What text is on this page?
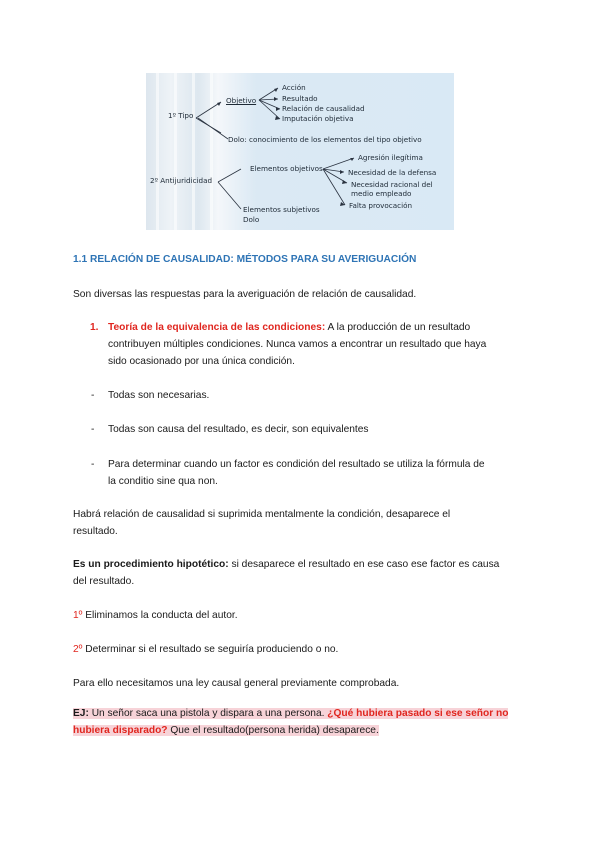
1º Tipo
Objetivo
Acción
Resultado
Relación de causalidad
Imputación objetiva
Dolo: conocimiento de los elementos del tipo objetivo
2º Antijuridicidad
Elementos objetivos
Agresión ilegítima
Necesidad de la defensa
Necesidad racional del
medio empleado
Falta provocación
Elementos subjetivos
Dolo
1.1 RELACIÓN DE CAUSALIDAD: MÉTODOS PARA SU AVERIGUACIÓN
Son diversas las respuestas para la averiguación de relación de causalidad.
1. Teoría de la equivalencia de las condiciones: A la producción de un resultado
contribuyen múltiples condiciones. Nunca vamos a encontrar un resultado que haya
sido ocasionado por una única condición.
- Todas son necesarias.
- Todas son causa del resultado, es decir, son equivalentes
- Para determinar cuando un factor es condición del resultado se utiliza la fórmula de
la conditio sine qua non.
Habrá relación de causalidad si suprimida mentalmente la condición, desaparece el
resultado.
Es un procedimiento hipotético: si desaparece el resultado en ese caso ese factor es causa
del resultado.
1º Eliminamos la conducta del autor.
2º Determinar si el resultado se seguiría produciendo o no.
Para ello necesitamos una ley causal general previamente comprobada.
EJ: Un señor saca una pistola y dispara a una persona. ¿Qué hubiera pasado si ese señor no
hubiera disparado? Que el resultado(persona herida) desaparece.
